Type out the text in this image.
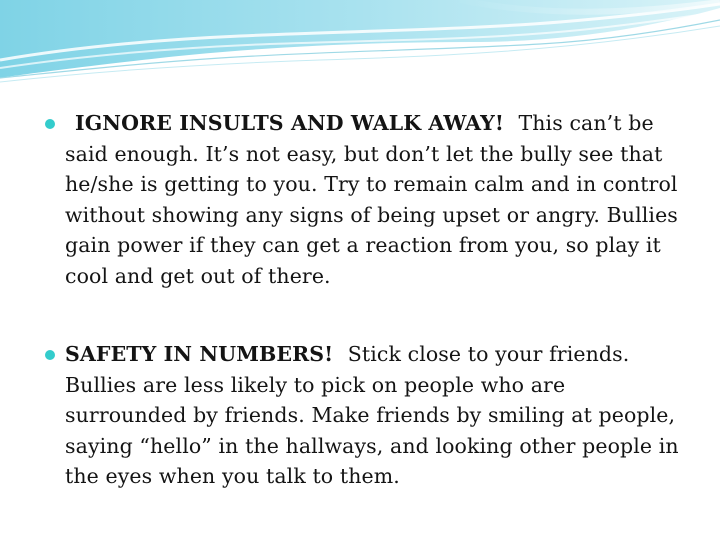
IGNORE INSULTS AND WALK AWAY!  This can’t be said enough. It’s not easy, but don’t let the bully see that he/she is getting to you. Try to remain calm and in control without showing any signs of being upset or angry. Bullies gain power if they can get a reaction from you, so play it cool and get out of there.
SAFETY IN NUMBERS!  Stick close to your friends. Bullies are less likely to pick on people who are surrounded by friends. Make friends by smiling at people, saying “hello” in the hallways, and looking other people in the eyes when you talk to them.
